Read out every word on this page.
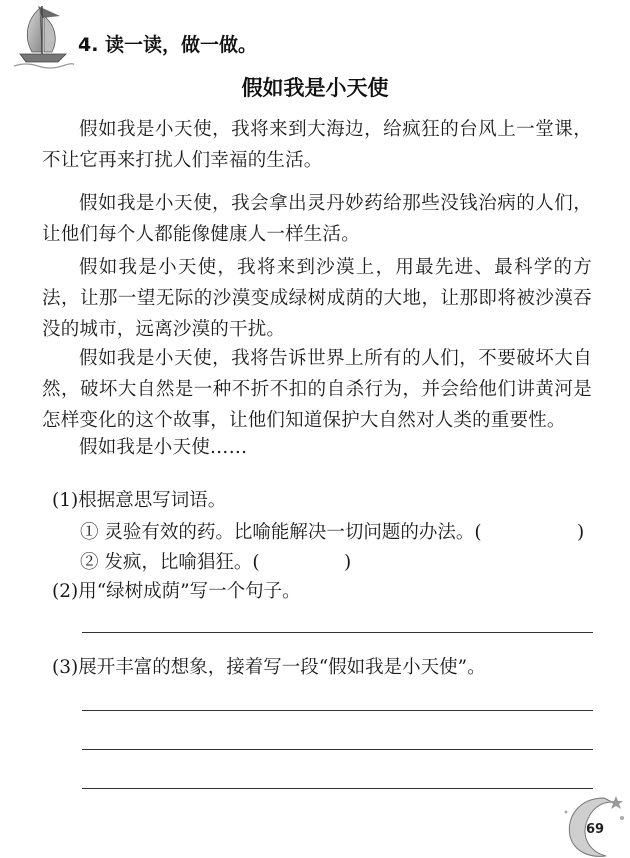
4. 读一读，做一做。
假如我是小天使

假如我是小天使，我将来到大海边，给疯狂的台风上一堂课，不让它再来打扰人们幸福的生活。

假如我是小天使，我会拿出灵丹妙药给那些没钱治病的人们，让他们每个人都能像健康人一样生活。

假如我是小天使，我将来到沙漠上，用最先进、最科学的方法，让那一望无际的沙漠变成绿树成荫的大地，让那即将被沙漠吞没的城市，远离沙漠的干扰。

假如我是小天使，我将告诉世界上所有的人们，不要破坏大自然，破坏大自然是一种不折不扣的自杀行为，并会给他们讲黄河是怎样变化的这个故事，让他们知道保护大自然对人类的重要性。

假如我是小天使……

(1)根据意思写词语。
① 灵验有效的药。比喻能解决一切问题的办法。(	)
② 发疯，比喻猖狂。(	)
(2)用“绿树成荫”写一个句子。
(3)展开丰富的想象，接着写一段“假如我是小天使”。
69
